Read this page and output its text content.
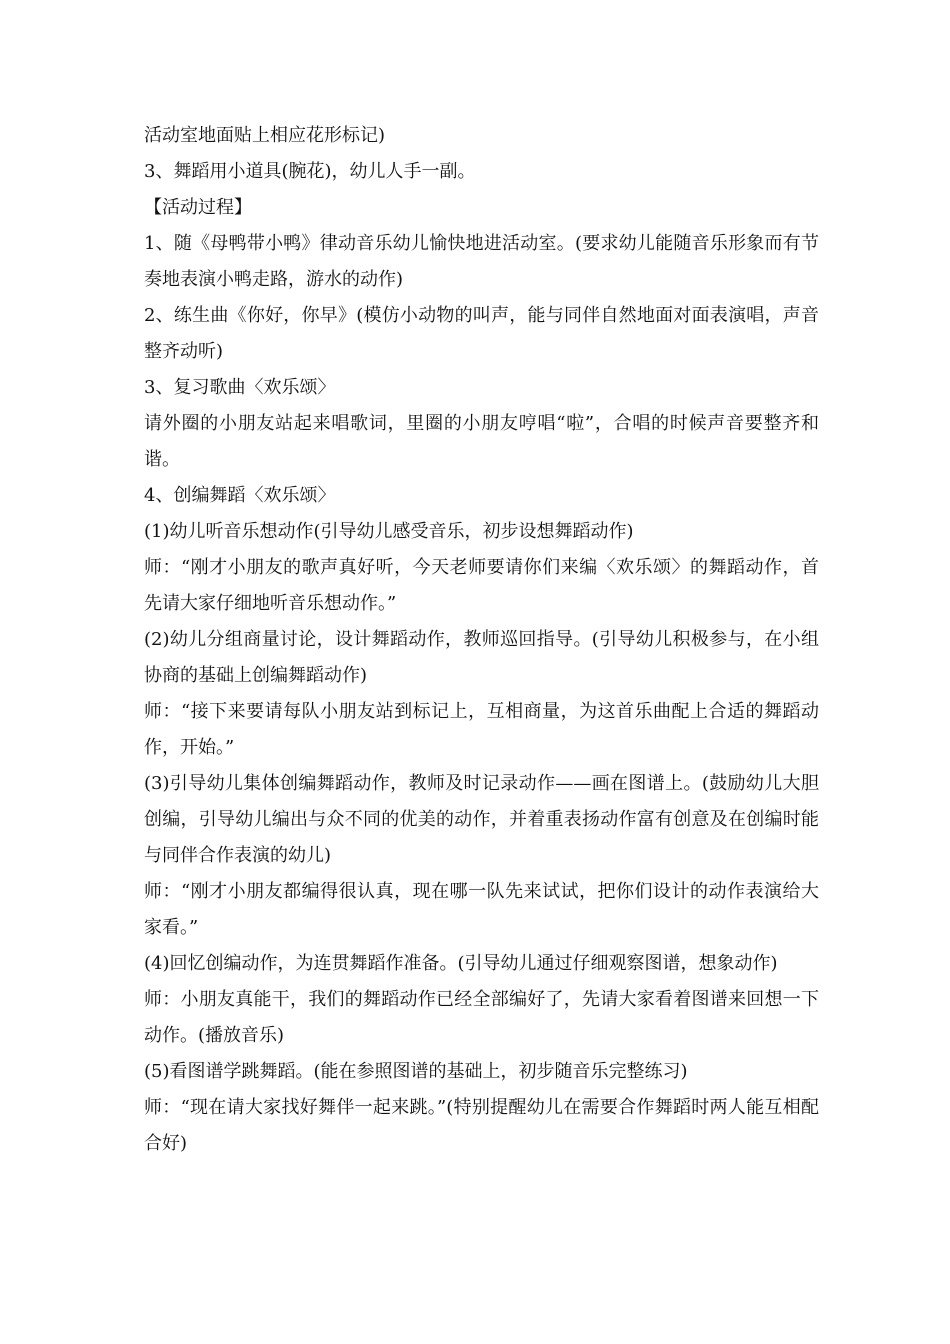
活动室地面贴上相应花形标记)

3、舞蹈用小道具(腕花)，幼儿人手一副。

【活动过程】

1、随《母鸭带小鸭》律动音乐幼儿愉快地进活动室。(要求幼儿能随音乐形象而有节奏地表演小鸭走路，游水的动作)

2、练生曲《你好，你早》(模仿小动物的叫声，能与同伴自然地面对面表演唱，声音整齐动听)

3、复习歌曲〈欢乐颂〉

请外圈的小朋友站起来唱歌词，里圈的小朋友哼唱“啦”，合唱的时候声音要整齐和谐。

4、创编舞蹈〈欢乐颂〉

(1)幼儿听音乐想动作(引导幼儿感受音乐，初步设想舞蹈动作)

师：“刚才小朋友的歌声真好听，今天老师要请你们来编〈欢乐颂〉的舞蹈动作，首先请大家仔细地听音乐想动作。”

(2)幼儿分组商量讨论，设计舞蹈动作，教师巡回指导。(引导幼儿积极参与，在小组协商的基础上创编舞蹈动作)

师：“接下来要请每队小朋友站到标记上，互相商量，为这首乐曲配上合适的舞蹈动作，开始。”

(3)引导幼儿集体创编舞蹈动作，教师及时记录动作——画在图谱上。(鼓励幼儿大胆创编，引导幼儿编出与众不同的优美的动作，并着重表扬动作富有创意及在创编时能与同伴合作表演的幼儿)

师：“刚才小朋友都编得很认真，现在哪一队先来试试，把你们设计的动作表演给大家看。”

(4)回忆创编动作，为连贯舞蹈作准备。(引导幼儿通过仔细观察图谱，想象动作)

师：小朋友真能干，我们的舞蹈动作已经全部编好了，先请大家看着图谱来回想一下动作。(播放音乐)

(5)看图谱学跳舞蹈。(能在参照图谱的基础上，初步随音乐完整练习)

师：“现在请大家找好舞伴一起来跳。”(特别提醒幼儿在需要合作舞蹈时两人能互相配合好)
